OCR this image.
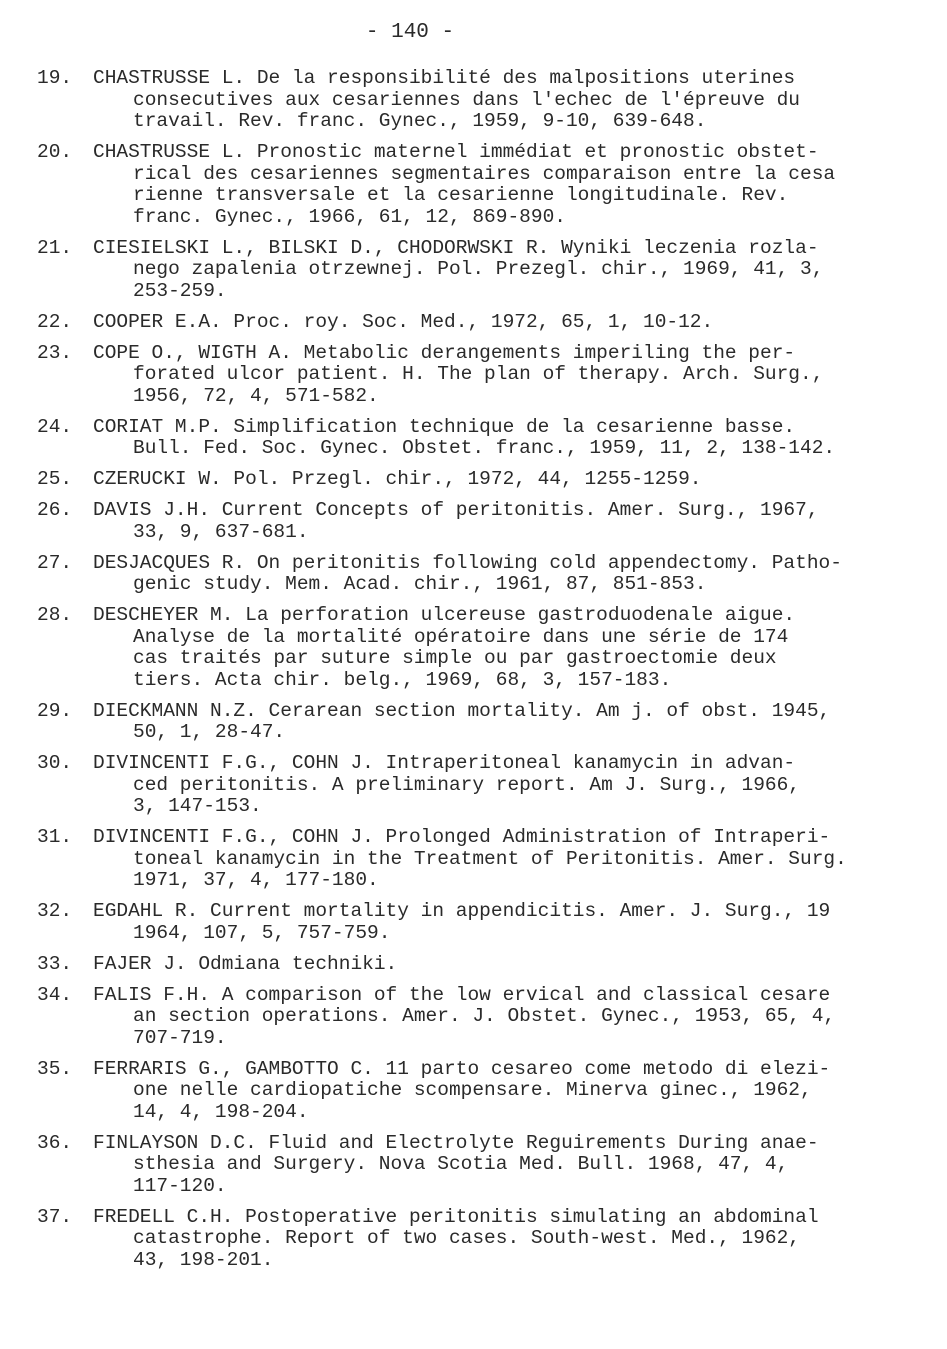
- 140 -
19.	CHASTRUSSE L. De la responsibilité des malpositions uterines
consecutives aux cesariennes dans l'echec de l'épreuve du
travail. Rev. franc. Gynec., 1959, 9-10, 639-648.
20.	CHASTRUSSE L. Pronostic maternel immédiat et pronostic obstet-
rical des cesariennes segmentaires comparaison entre la cesa
rienne transversale et la cesarienne longitudinale. Rev.
franc. Gynec., 1966, 61, 12, 869-890.
21.	CIESIELSKI L., BILSKI D., CHODORWSKI R. Wyniki leczenia rozla-
nego zapalenia otrzewnej. Pol. Prezegl. chir., 1969, 41, 3,
253-259.
22.	COOPER E.A. Proc. roy. Soc. Med., 1972, 65, 1, 10-12.
23.	COPE O., WIGTH A. Metabolic derangements imperiling the per-
forated ulcor patient. H. The plan of therapy. Arch. Surg.,
1956, 72, 4, 571-582.
24.	CORIAT M.P. Simplification technique de la cesarienne basse.
Bull. Fed. Soc. Gynec. Obstet. franc., 1959, 11, 2, 138-142.
25.	CZERUCKI W. Pol. Przegl. chir., 1972, 44, 1255-1259.
26.	DAVIS J.H. Current Concepts of peritonitis. Amer. Surg., 1967,
33, 9, 637-681.
27.	DESJACQUES R. On peritonitis following cold appendectomy. Patho-
genic study. Mem. Acad. chir., 1961, 87, 851-853.
28.	DESCHEYER M. La perforation ulcereuse gastroduodenale aigue.
Analyse de la mortalité opératoire dans une série de 174
cas traités par suture simple ou par gastroectomie deux
tiers. Acta chir. belg., 1969, 68, 3, 157-183.
29.	DIECKMANN N.Z. Cerarean section mortality. Am j. of obst. 1945,
50, 1, 28-47.
30.	DIVINCENTI F.G., COHN J. Intraperitoneal kanamycin in advan-
ced peritonitis. A preliminary report. Am J. Surg., 1966,
3, 147-153.
31.	DIVINCENTI F.G., COHN J. Prolonged Administration of Intraperi-
toneal kanamycin in the Treatment of Peritonitis. Amer. Surg.
1971, 37, 4, 177-180.
32.	EGDAHL R. Current mortality in appendicitis. Amer. J. Surg., 19
1964, 107, 5, 757-759.
33.	FAJER J. Odmiana techniki.
34.	FALIS F.H. A comparison of the low ervical and classical cesare
an section operations. Amer. J. Obstet. Gynec., 1953, 65, 4,
707-719.
35.	FERRARIS G., GAMBOTTO C. 11 parto cesareo come metodo di elezi-
one nelle cardiopatiche scompensare. Minerva ginec., 1962,
14, 4, 198-204.
36.	FINLAYSON D.C. Fluid and Electrolyte Reguirements During anae-
sthesia and Surgery. Nova Scotia Med. Bull. 1968, 47, 4,
117-120.
37.	FREDELL C.H. Postoperative peritonitis simulating an abdominal
catastrophe. Report of two cases. South-west. Med., 1962,
43, 198-201.
